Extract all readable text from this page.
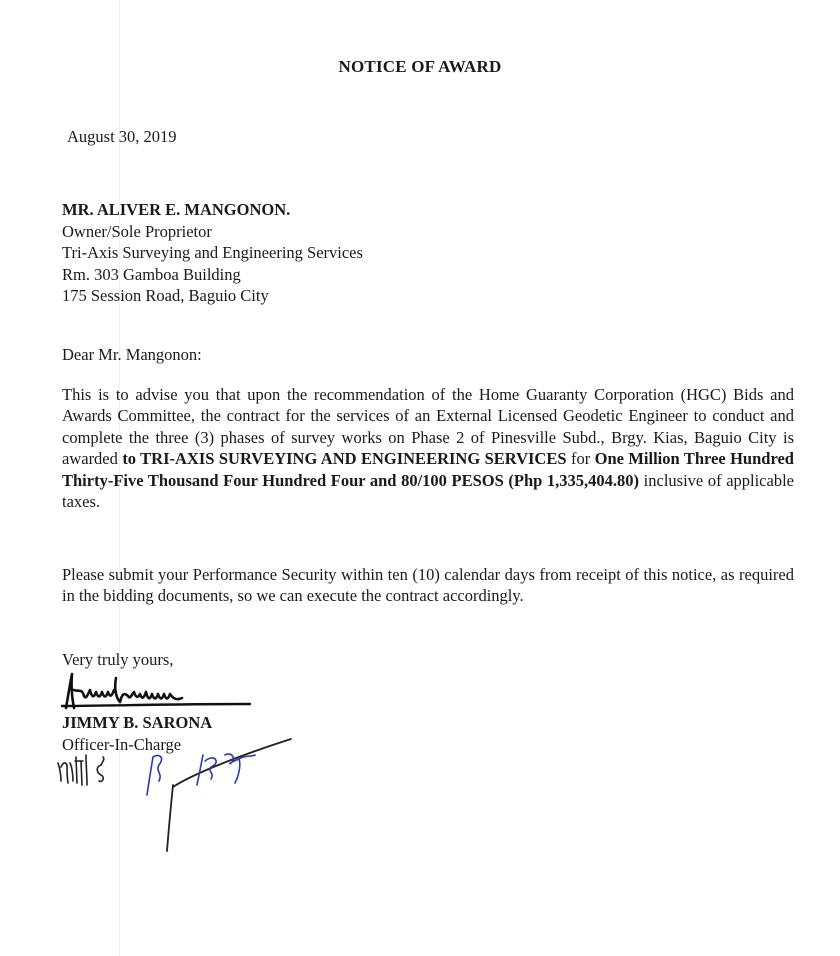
NOTICE OF AWARD
August 30, 2019
MR. ALIVER E. MANGONON.
Owner/Sole Proprietor
Tri-Axis Surveying and Engineering Services
Rm. 303 Gamboa Building
175 Session Road, Baguio City
Dear Mr. Mangonon:
This is to advise you that upon the recommendation of the Home Guaranty Corporation (HGC) Bids and Awards Committee, the contract for the services of an External Licensed Geodetic Engineer to conduct and complete the three (3) phases of survey works on Phase 2 of Pinesville Subd., Brgy. Kias, Baguio City is awarded to TRI-AXIS SURVEYING AND ENGINEERING SERVICES for One Million Three Hundred Thirty-Five Thousand Four Hundred Four and 80/100 PESOS (Php 1,335,404.80) inclusive of applicable taxes.
Please submit your Performance Security within ten (10) calendar days from receipt of this notice, as required in the bidding documents, so we can execute the contract accordingly.
Very truly yours,
JIMMY B. SARONA
Officer-In-Charge
